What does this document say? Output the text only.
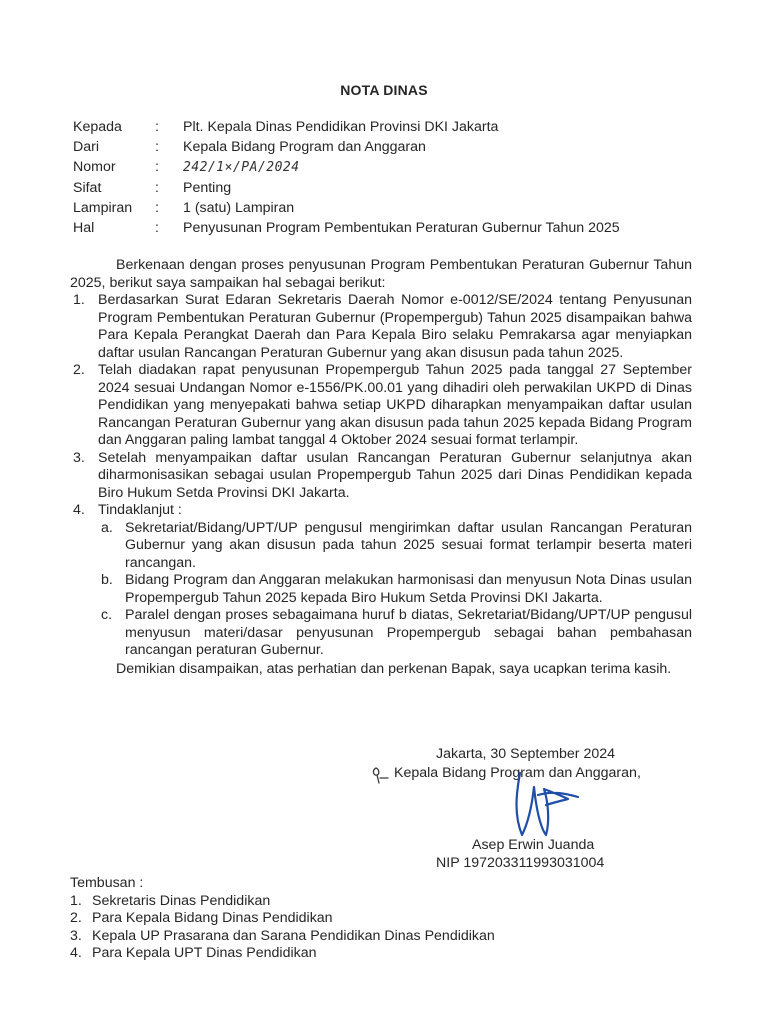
NOTA DINAS
Kepada	:	Plt. Kepala Dinas Pendidikan Provinsi DKI Jakarta
Dari	:	Kepala Bidang Program dan Anggaran
Nomor	:	242/1×/PA/2024
Sifat	:	Penting
Lampiran	:	1 (satu) Lampiran
Hal	:	Penyusunan Program Pembentukan Peraturan Gubernur Tahun 2025
Berkenaan dengan proses penyusunan Program Pembentukan Peraturan Gubernur Tahun 2025, berikut saya sampaikan hal sebagai berikut:
1. Berdasarkan Surat Edaran Sekretaris Daerah Nomor e-0012/SE/2024 tentang Penyusunan Program Pembentukan Peraturan Gubernur (Propempergub) Tahun 2025 disampaikan bahwa Para Kepala Perangkat Daerah dan Para Kepala Biro selaku Pemrakarsa agar menyiapkan daftar usulan Rancangan Peraturan Gubernur yang akan disusun pada tahun 2025.
2. Telah diadakan rapat penyusunan Propempergub Tahun 2025 pada tanggal 27 September 2024 sesuai Undangan Nomor e-1556/PK.00.01 yang dihadiri oleh perwakilan UKPD di Dinas Pendidikan yang menyepakati bahwa setiap UKPD diharapkan menyampaikan daftar usulan Rancangan Peraturan Gubernur yang akan disusun pada tahun 2025 kepada Bidang Program dan Anggaran paling lambat tanggal 4 Oktober 2024 sesuai format terlampir.
3. Setelah menyampaikan daftar usulan Rancangan Peraturan Gubernur selanjutnya akan diharmonisasikan sebagai usulan Propempergub Tahun 2025 dari Dinas Pendidikan kepada Biro Hukum Setda Provinsi DKI Jakarta.
4. Tindaklanjut :
a. Sekretariat/Bidang/UPT/UP pengusul mengirimkan daftar usulan Rancangan Peraturan Gubernur yang akan disusun pada tahun 2025 sesuai format terlampir beserta materi rancangan.
b. Bidang Program dan Anggaran melakukan harmonisasi dan menyusun Nota Dinas usulan Propempergub Tahun 2025 kepada Biro Hukum Setda Provinsi DKI Jakarta.
c. Paralel dengan proses sebagaimana huruf b diatas, Sekretariat/Bidang/UPT/UP pengusul menyusun materi/dasar penyusunan Propempergub sebagai bahan pembahasan rancangan peraturan Gubernur.
Demikian disampaikan, atas perhatian dan perkenan Bapak, saya ucapkan terima kasih.
Jakarta, 30 September 2024
Kepala Bidang Program dan Anggaran,
Asep Erwin Juanda
NIP 197203311993031004
Tembusan :
1. Sekretaris Dinas Pendidikan
2. Para Kepala Bidang Dinas Pendidikan
3. Kepala UP Prasarana dan Sarana Pendidikan Dinas Pendidikan
4. Para Kepala UPT Dinas Pendidikan
